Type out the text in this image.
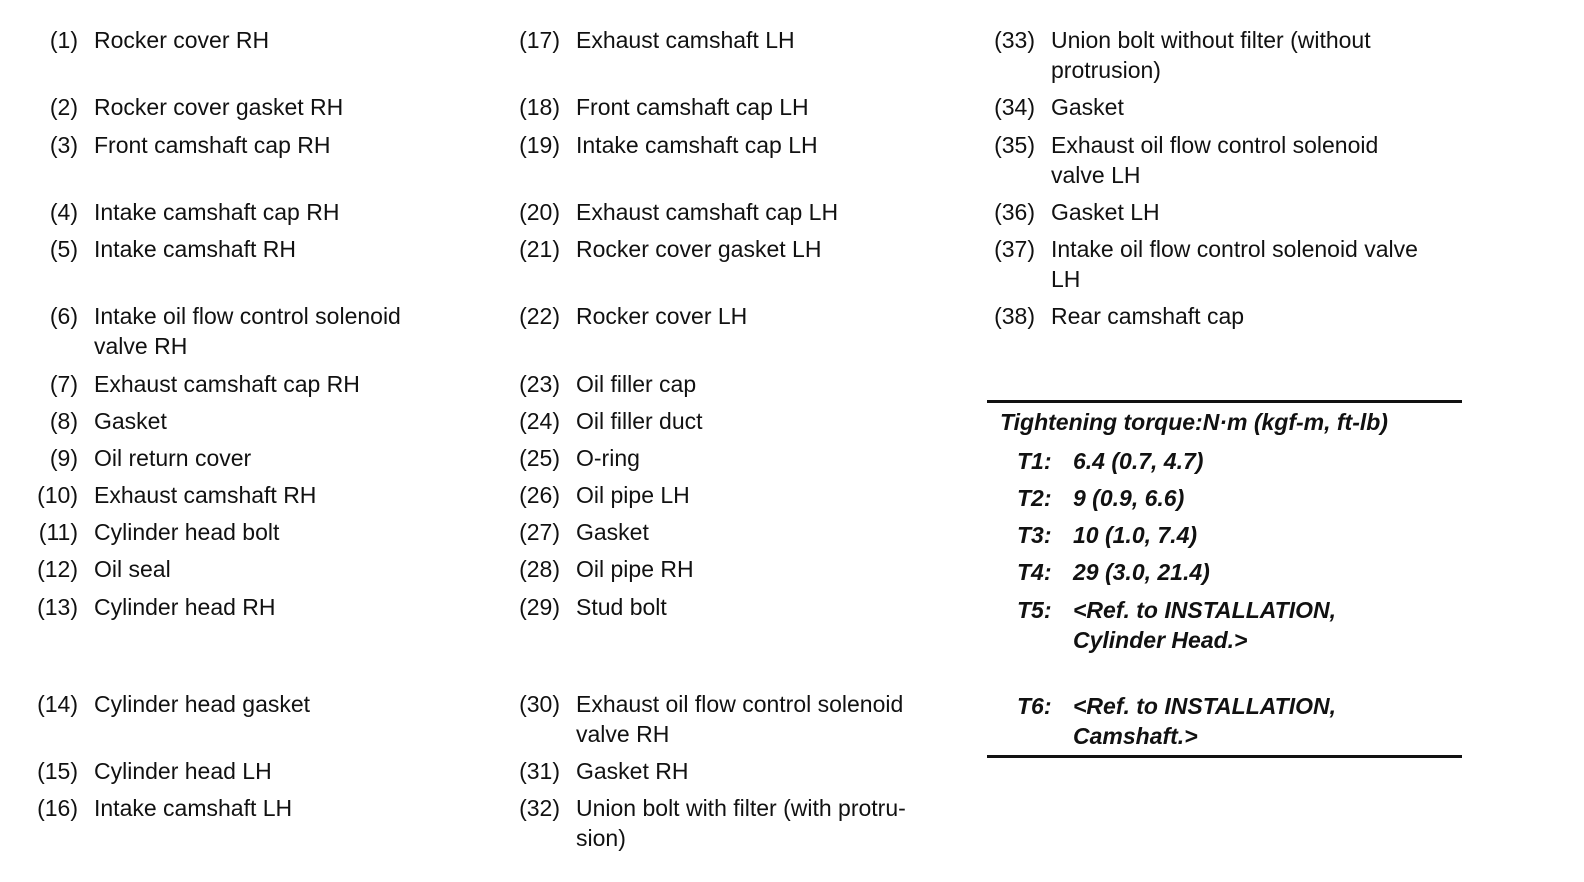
(1) Rocker cover RH
(2) Rocker cover gasket RH
(3) Front camshaft cap RH
(4) Intake camshaft cap RH
(5) Intake camshaft RH
(6) Intake oil flow control solenoid valve RH
(7) Exhaust camshaft cap RH
(8) Gasket
(9) Oil return cover
(10) Exhaust camshaft RH
(11) Cylinder head bolt
(12) Oil seal
(13) Cylinder head RH
(14) Cylinder head gasket
(15) Cylinder head LH
(16) Intake camshaft LH
(17) Exhaust camshaft LH
(18) Front camshaft cap LH
(19) Intake camshaft cap LH
(20) Exhaust camshaft cap LH
(21) Rocker cover gasket LH
(22) Rocker cover LH
(23) Oil filler cap
(24) Oil filler duct
(25) O-ring
(26) Oil pipe LH
(27) Gasket
(28) Oil pipe RH
(29) Stud bolt
(30) Exhaust oil flow control solenoid valve RH
(31) Gasket RH
(32) Union bolt with filter (with protru-sion)
(33) Union bolt without filter (without protrusion)
(34) Gasket
(35) Exhaust oil flow control solenoid valve LH
(36) Gasket LH
(37) Intake oil flow control solenoid valve LH
(38) Rear camshaft cap
Tightening torque:N·m (kgf-m, ft-lb)
T1: 6.4 (0.7, 4.7)
T2: 9 (0.9, 6.6)
T3: 10 (1.0, 7.4)
T4: 29 (3.0, 21.4)
T5: <Ref. to INSTALLATION, Cylinder Head.>
T6: <Ref. to INSTALLATION, Camshaft.>
